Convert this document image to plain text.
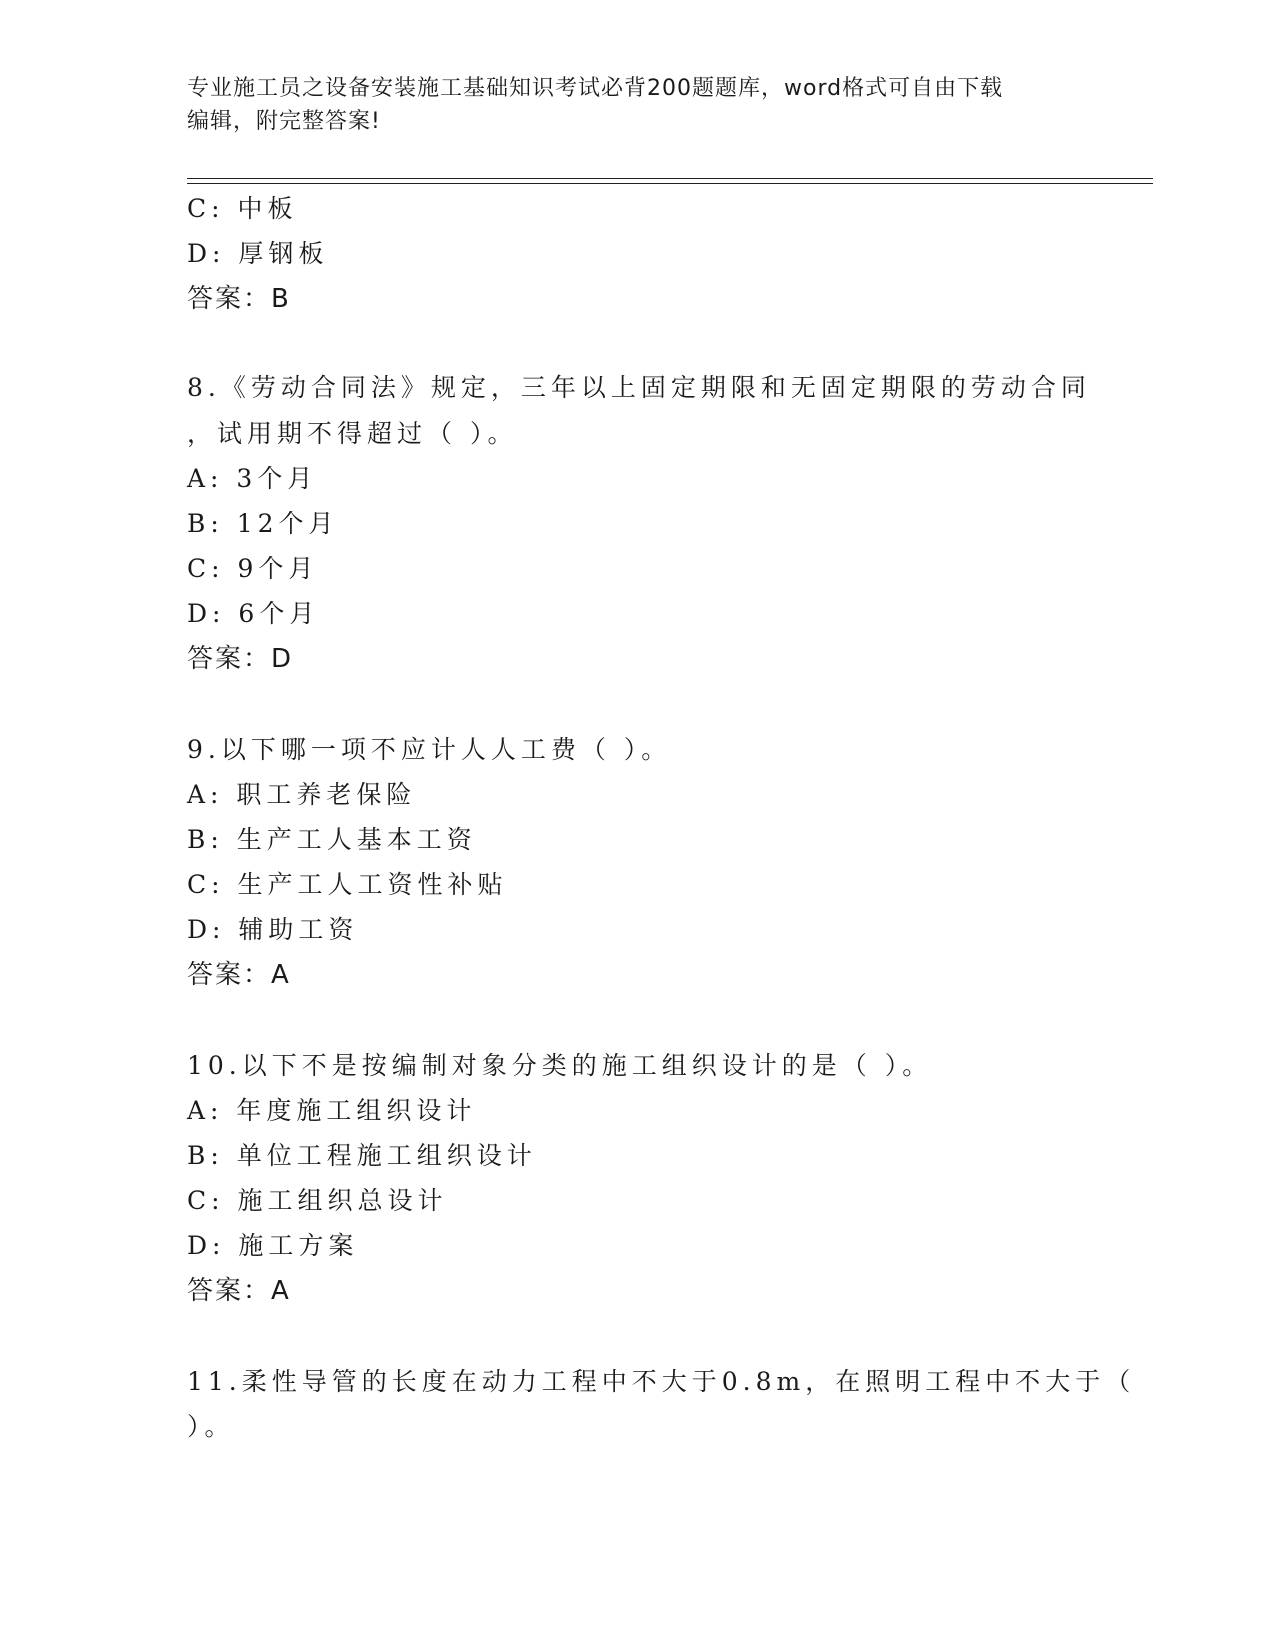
专业施工员之设备安装施工基础知识考试必背200题题库，word格式可自由下载
编辑，附完整答案!
C: 中板
D: 厚钢板
答案：B
8.《劳动合同法》规定，三年以上固定期限和无固定期限的劳动合同
，试用期不得超过（ ）。
A: 3个月
B: 12个月
C: 9个月
D: 6个月
答案：D
9.以下哪一项不应计人人工费（ ）。
A: 职工养老保险
B: 生产工人基本工资
C: 生产工人工资性补贴
D: 辅助工资
答案：A
10.以下不是按编制对象分类的施工组织设计的是（ ）。
A: 年度施工组织设计
B: 单位工程施工组织设计
C: 施工组织总设计
D: 施工方案
答案：A
11.柔性导管的长度在动力工程中不大于0.8m，在照明工程中不大于（
）。
